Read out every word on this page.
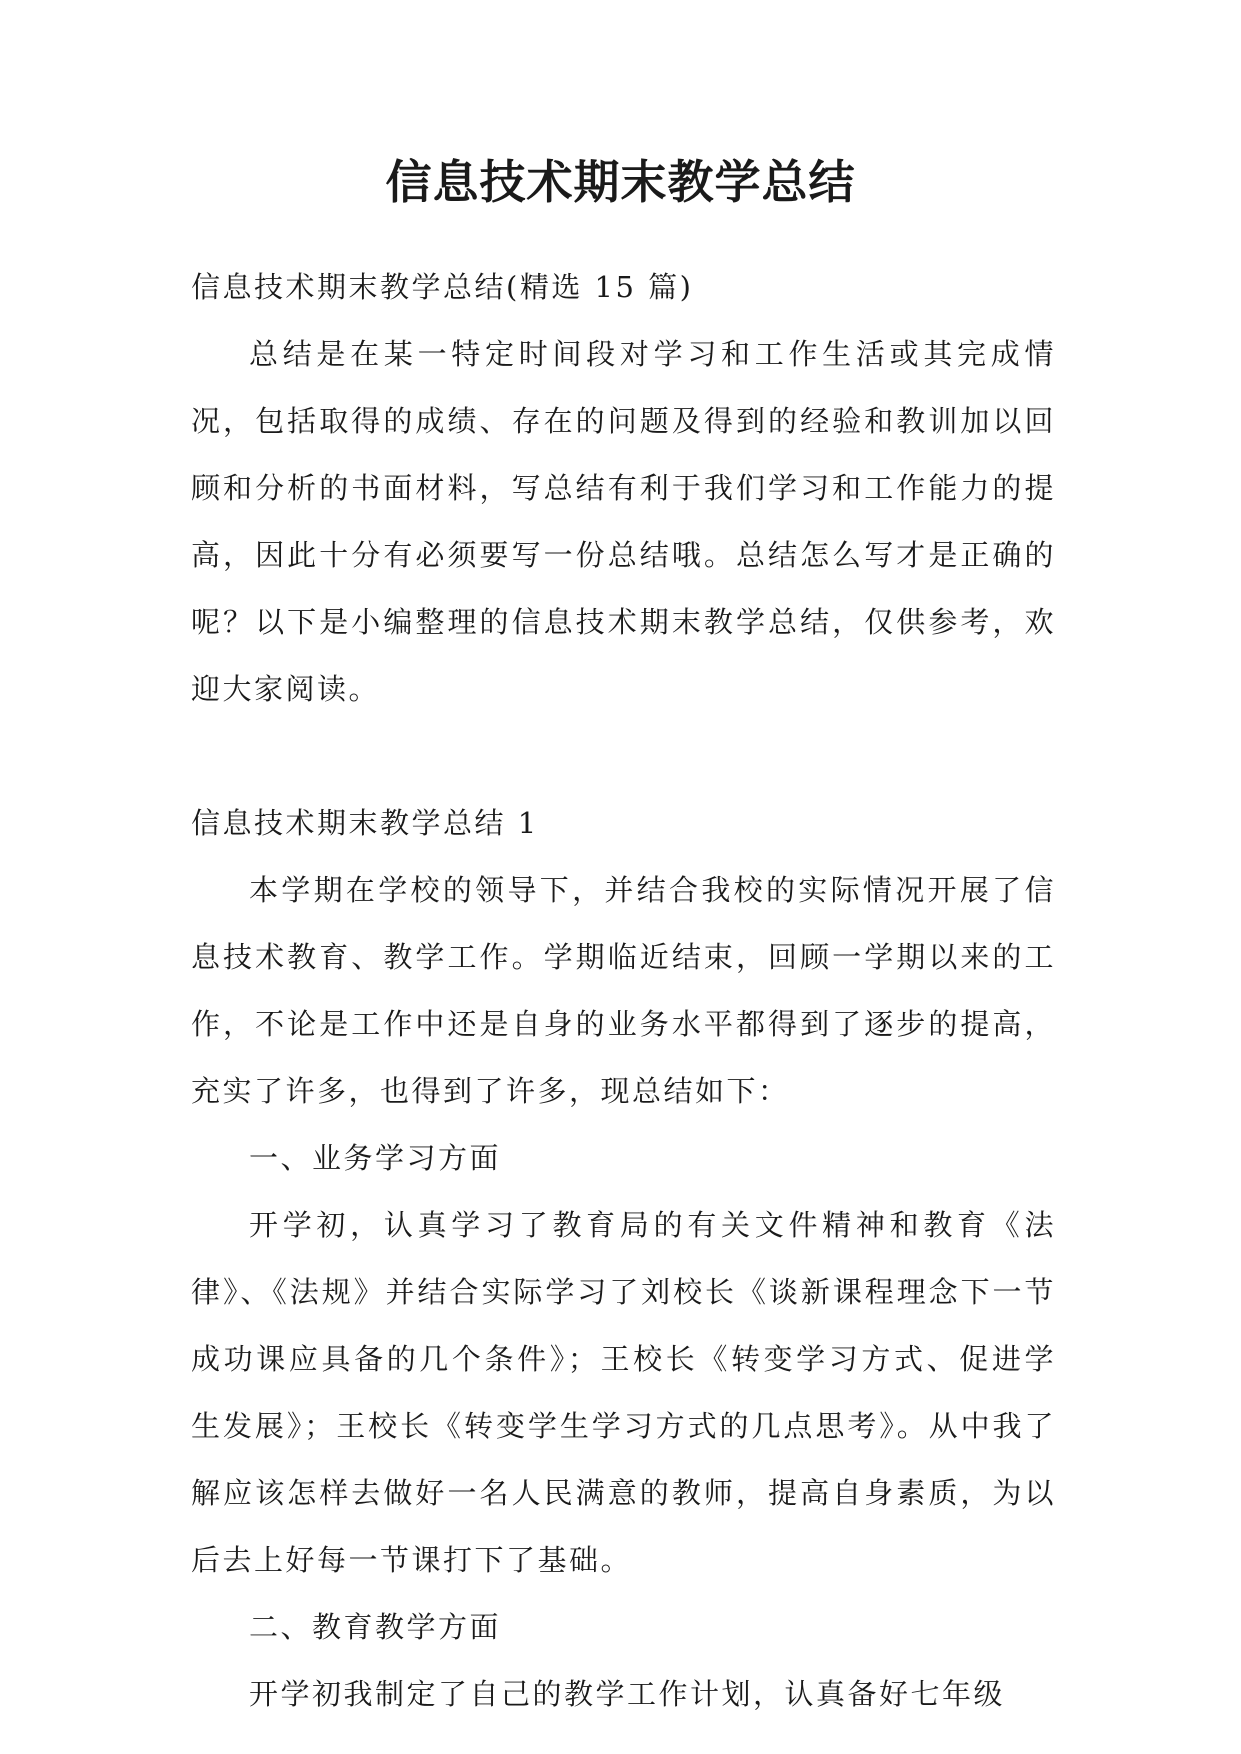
信息技术期末教学总结

信息技术期末教学总结(精选 15 篇)

总结是在某一特定时间段对学习和工作生活或其完成情况，包括取得的成绩、存在的问题及得到的经验和教训加以回顾和分析的书面材料，写总结有利于我们学习和工作能力的提高，因此十分有必须要写一份总结哦。总结怎么写才是正确的呢？以下是小编整理的信息技术期末教学总结，仅供参考，欢迎大家阅读。

信息技术期末教学总结 1

本学期在学校的领导下，并结合我校的实际情况开展了信息技术教育、教学工作。学期临近结束，回顾一学期以来的工作，不论是工作中还是自身的业务水平都得到了逐步的提高，充实了许多，也得到了许多，现总结如下：

一、业务学习方面

开学初，认真学习了教育局的有关文件精神和教育《法律》、《法规》并结合实际学习了刘校长《谈新课程理念下一节成功课应具备的几个条件》；王校长《转变学习方式、促进学生发展》；王校长《转变学生学习方式的几点思考》。从中我了解应该怎样去做好一名人民满意的教师，提高自身素质，为以后去上好每一节课打下了基础。

二、教育教学方面

开学初我制定了自己的教学工作计划，认真备好七年级
